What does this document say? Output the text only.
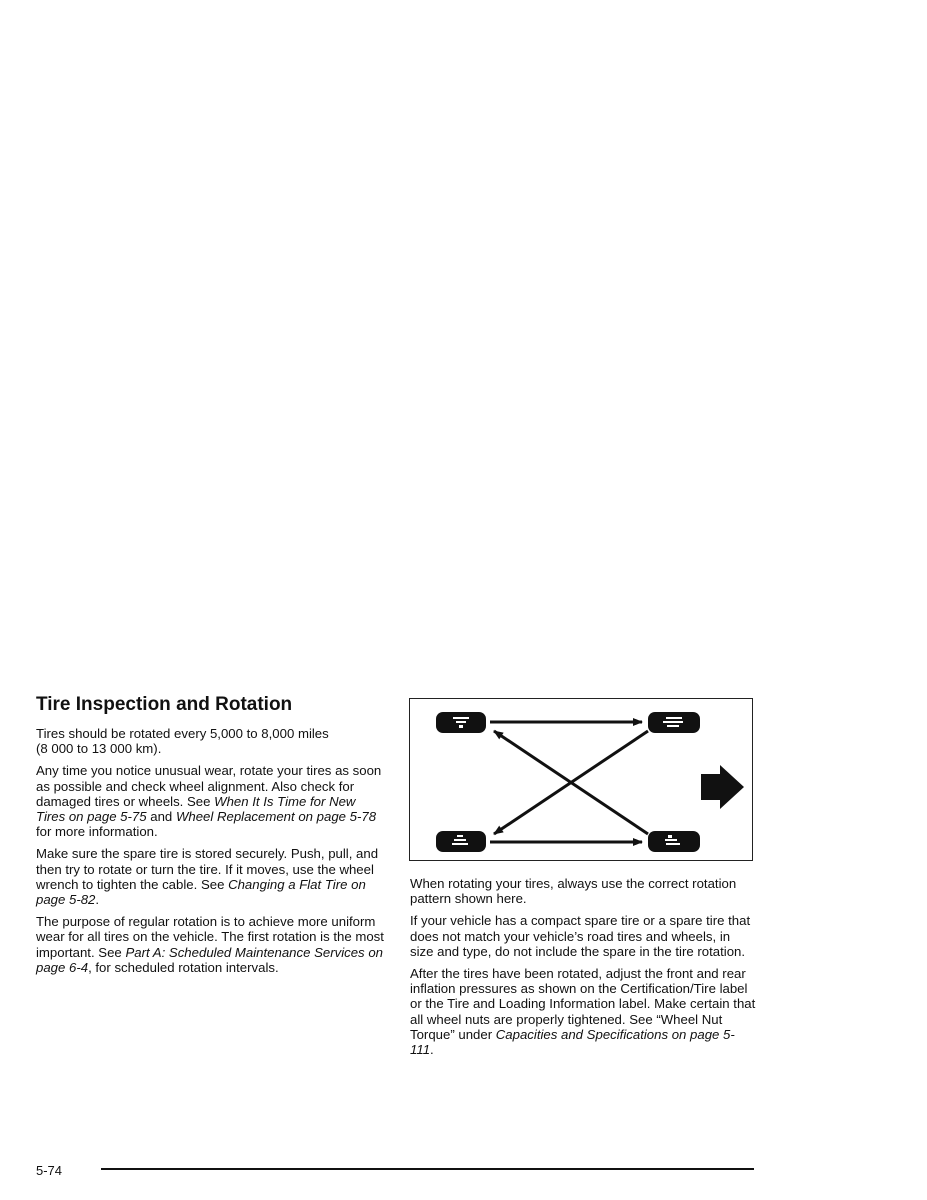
Tire Inspection and Rotation

Tires should be rotated every 5,000 to 8,000 miles
(8 000 to 13 000 km).

Any time you notice unusual wear, rotate your tires as soon as possible and check wheel alignment. Also check for damaged tires or wheels. See When It Is Time for New Tires on page 5-75 and Wheel Replacement on page 5-78 for more information.

Make sure the spare tire is stored securely. Push, pull, and then try to rotate or turn the tire. If it moves, use the wheel wrench to tighten the cable. See Changing a Flat Tire on page 5-82.

The purpose of regular rotation is to achieve more uniform wear for all tires on the vehicle. The first rotation is the most important. See Part A: Scheduled Maintenance Services on page 6-4, for scheduled rotation intervals.

When rotating your tires, always use the correct rotation pattern shown here.

If your vehicle has a compact spare tire or a spare tire that does not match your vehicle’s road tires and wheels, in size and type, do not include the spare in the tire rotation.

After the tires have been rotated, adjust the front and rear inflation pressures as shown on the Certification/Tire label or the Tire and Loading Information label. Make certain that all wheel nuts are properly tightened. See “Wheel Nut Torque” under Capacities and Specifications on page 5-111.

5-74
